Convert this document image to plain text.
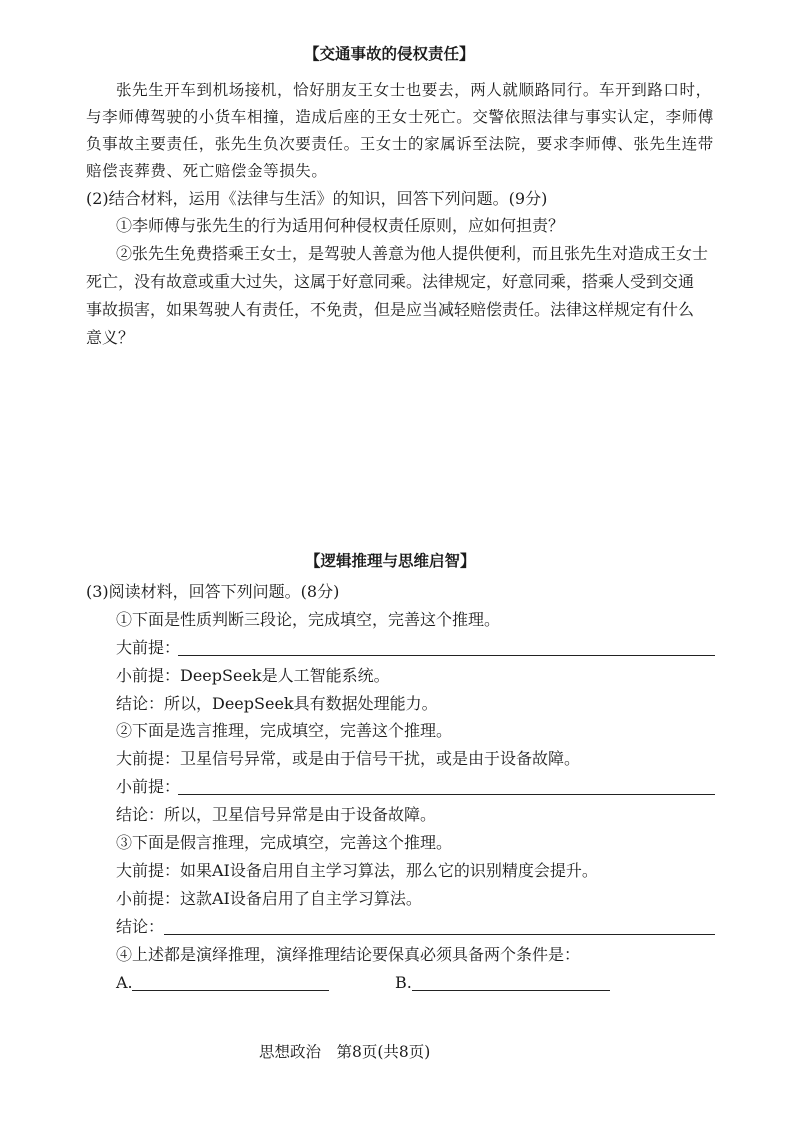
【交通事故的侵权责任】
张先生开车到机场接机，恰好朋友王女士也要去，两人就顺路同行。车开到路口时，
与李师傅驾驶的小货车相撞，造成后座的王女士死亡。交警依照法律与事实认定，李师傅
负事故主要责任，张先生负次要责任。王女士的家属诉至法院，要求李师傅、张先生连带
赔偿丧葬费、死亡赔偿金等损失。
(2)结合材料，运用《法律与生活》的知识，回答下列问题。(9分)
①李师傅与张先生的行为适用何种侵权责任原则，应如何担责？
②张先生免费搭乘王女士，是驾驶人善意为他人提供便利，而且张先生对造成王女士
死亡，没有故意或重大过失，这属于好意同乘。法律规定，好意同乘，搭乘人受到交通
事故损害，如果驾驶人有责任，不免责，但是应当减轻赔偿责任。法律这样规定有什么
意义？
【逻辑推理与思维启智】
(3)阅读材料，回答下列问题。(8分)
①下面是性质判断三段论，完成填空，完善这个推理。
大前提：
小前提：DeepSeek是人工智能系统。
结论：所以，DeepSeek具有数据处理能力。
②下面是选言推理，完成填空，完善这个推理。
大前提：卫星信号异常，或是由于信号干扰，或是由于设备故障。
小前提：
结论：所以，卫星信号异常是由于设备故障。
③下面是假言推理，完成填空，完善这个推理。
大前提：如果AI设备启用自主学习算法，那么它的识别精度会提升。
小前提：这款AI设备启用了自主学习算法。
结论：
④上述都是演绎推理，演绎推理结论要保真必须具备两个条件是：
A.	B.
思想政治　第8页(共8页)
